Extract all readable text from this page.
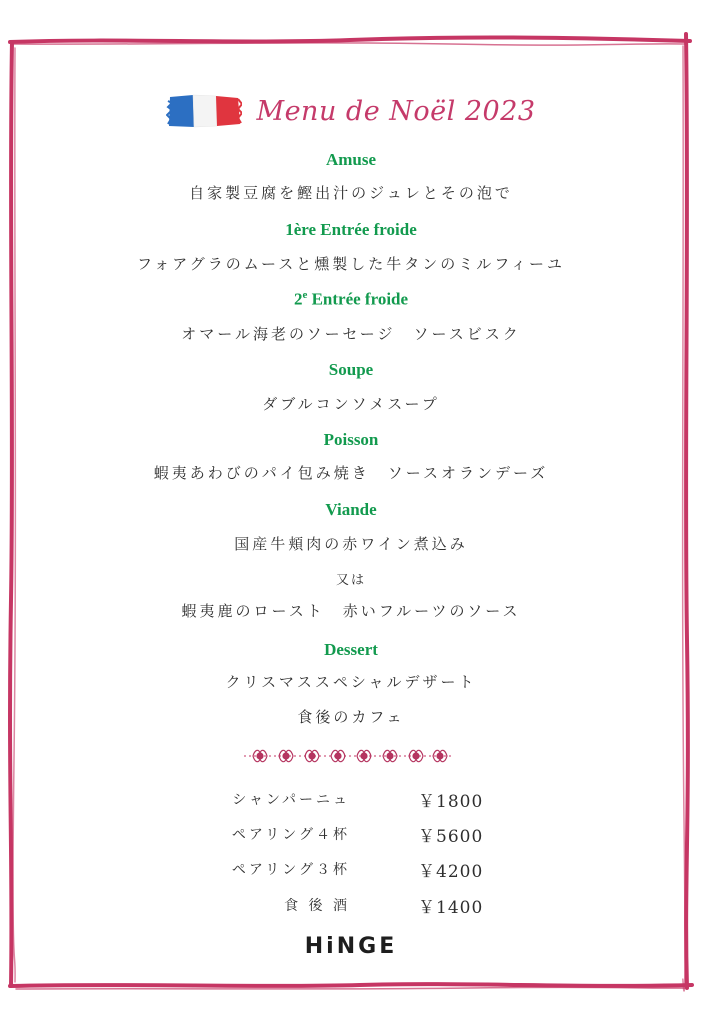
Menu de Noël 2023
Amuse
自家製豆腐を鰹出汁のジュレとその泡で
1ère Entrée froide
フォアグラのムースと燻製した牛タンのミルフィーユ
2e Entrée froide
オマール海老のソーセージ　ソースビスク
Soupe
ダブルコンソメスープ
Poisson
蝦夷あわびのパイ包み焼き　ソースオランデーズ
Viande
国産牛頬肉の赤ワイン煮込み
又は
蝦夷鹿のロースト　赤いフルーツのソース
Dessert
クリスマススペシャルデザート
食後のカフェ
シャンパーニュ	￥1800
ペアリング４杯	￥5600
ペアリング３杯	￥4200
食 後 酒	￥1400
HiNGE
